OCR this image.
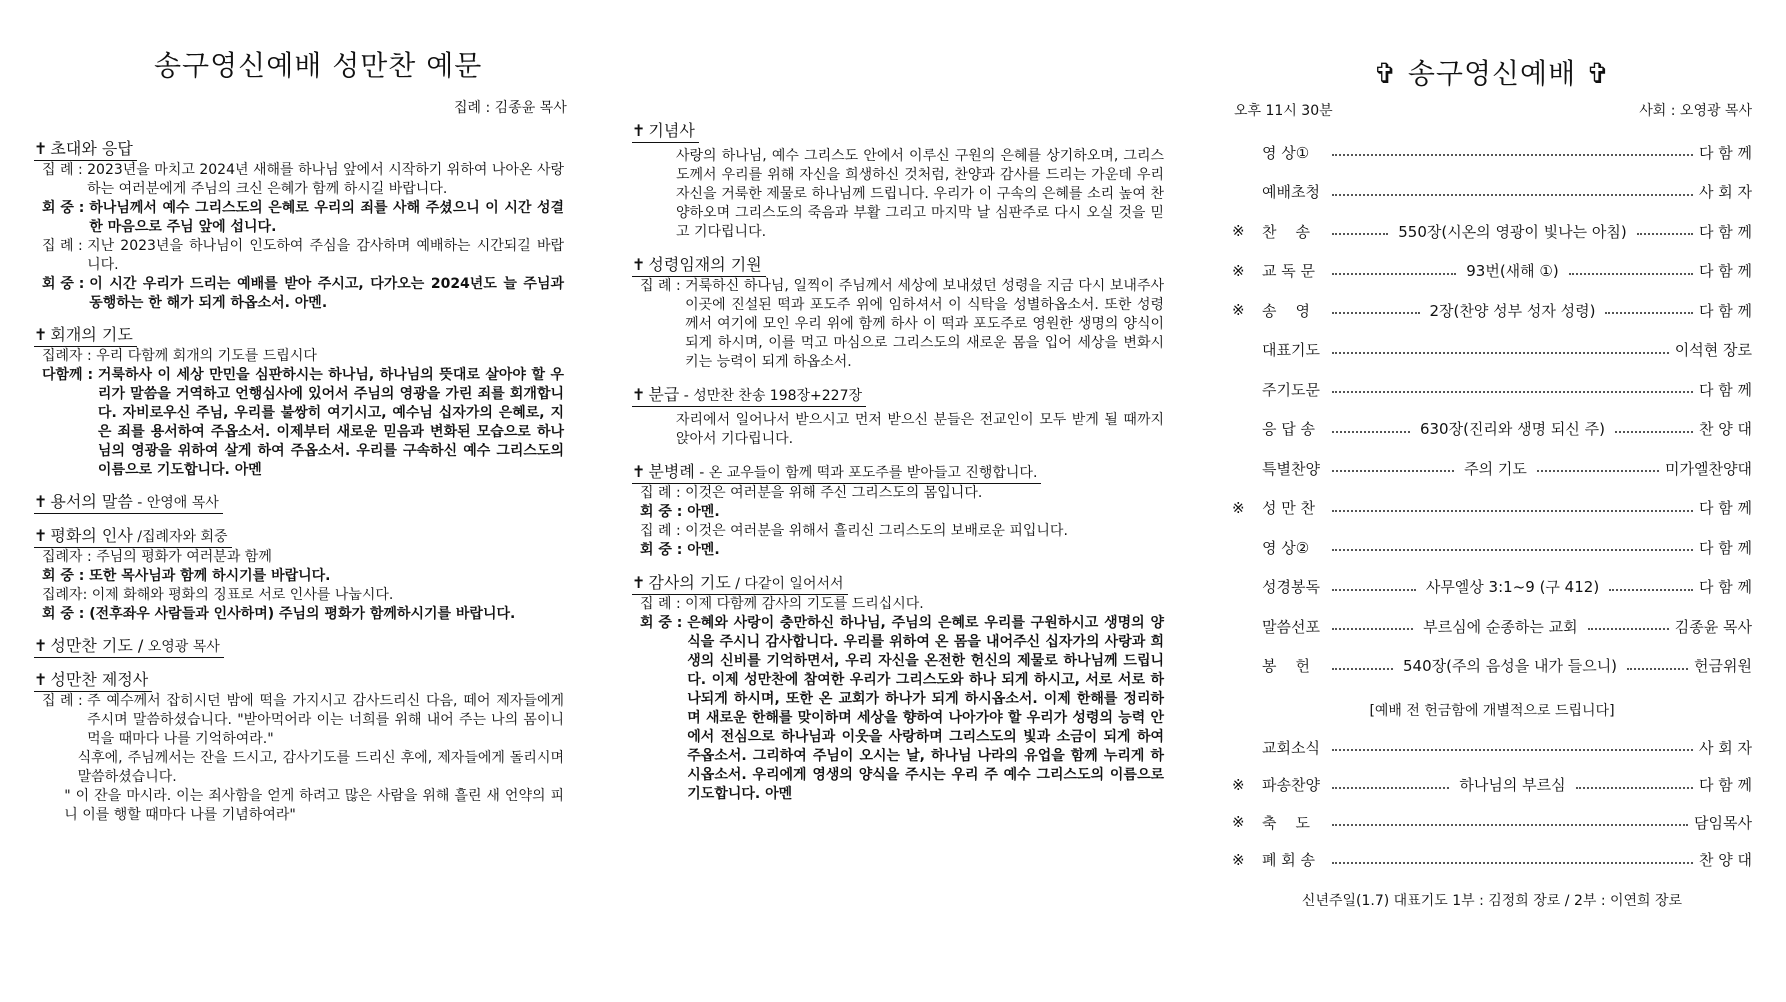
송구영신예배 성만찬 예문
집례 : 김종윤 목사
✝ 초대와 응답
집 례 : 2023년을 마치고 2024년 새해를 하나님 앞에서 시작하기 위하여 나아온 사랑하는 여러분에게 주님의 크신 은혜가 함께 하시길 바랍니다.
회 중 : 하나님께서 예수 그리스도의 은혜로 우리의 죄를 사해 주셨으니 이 시간 성결한 마음으로 주님 앞에 섭니다.
집 례 : 지난 2023년을 하나님이 인도하여 주심을 감사하며 예배하는 시간되길 바랍니다.
회 중 : 이 시간 우리가 드리는 예배를 받아 주시고, 다가오는 2024년도 늘 주님과 동행하는 한 해가 되게 하옵소서. 아멘.
✝ 회개의 기도
집례자 : 우리 다함께 회개의 기도를 드립시다
다함께 : 거룩하사 이 세상 만민을 심판하시는 하나님, 하나님의 뜻대로 살아야 할 우리가 말씀을 거역하고 언행심사에 있어서 주님의 영광을 가린 죄를 회개합니다. 자비로우신 주님, 우리를 불쌍히 여기시고, 예수님 십자가의 은혜로, 지은 죄를 용서하여 주옵소서. 이제부터 새로운 믿음과 변화된 모습으로 하나님의 영광을 위하여 살게 하여 주옵소서. 우리를 구속하신 예수 그리스도의 이름으로 기도합니다. 아멘
✝ 용서의 말씀 - 안영애 목사
✝ 평화의 인사 /집례자와 회중
집례자 : 주님의 평화가 여러분과 함께
회 중 : 또한 목사님과 함께 하시기를 바랍니다.
집례자: 이제 화해와 평화의 징표로 서로 인사를 나눕시다.
회 중 : (전후좌우 사람들과 인사하며) 주님의 평화가 함께하시기를 바랍니다.
✝ 성만찬 기도 / 오영광 목사
✝ 성만찬 제정사
집 례 : 주 예수께서 잡히시던 밤에 떡을 가지시고 감사드리신 다음, 떼어 제자들에게 주시며 말씀하셨습니다. "받아먹어라 이는 너희를 위해 내어 주는 나의 몸이니 먹을 때마다 나를 기억하여라."

식후에, 주님께서는 잔을 드시고, 감사기도를 드리신 후에, 제자들에게 돌리시며 말씀하셨습니다.

" 이 잔을 마시라. 이는 죄사함을 얻게 하려고 많은 사람을 위해 흘린 새 언약의 피니 이를 행할 때마다 나를 기념하여라"
✝ 기념사
사랑의 하나님, 예수 그리스도 안에서 이루신 구원의 은혜를 상기하오며, 그리스도께서 우리를 위해 자신을 희생하신 것처럼, 찬양과 감사를 드리는 가운데 우리 자신을 거룩한 제물로 하나님께 드립니다. 우리가 이 구속의 은혜를 소리 높여 찬양하오며 그리스도의 죽음과 부활 그리고 마지막 날 심판주로 다시 오실 것을 믿고 기다립니다.
✝ 성령임재의 기원
집 례 : 거룩하신 하나님, 일찍이 주님께서 세상에 보내셨던 성령을 지금 다시 보내주사 이곳에 진설된 떡과 포도주 위에 임하셔서 이 식탁을 성별하옵소서. 또한 성령께서 여기에 모인 우리 위에 함께 하사 이 떡과 포도주로 영원한 생명의 양식이 되게 하시며, 이를 먹고 마심으로 그리스도의 새로운 몸을 입어 세상을 변화시키는 능력이 되게 하옵소서.
✝ 분급 - 성만찬 찬송 198장+227장
자리에서 일어나서 받으시고 먼저 받으신 분들은 전교인이 모두 받게 될 때까지 앉아서 기다립니다.
✝ 분병례 - 온 교우들이 함께 떡과 포도주를 받아들고 진행합니다.
집 례 : 이것은 여러분을 위해 주신 그리스도의 몸입니다.
회 중 : 아멘.
집 례 : 이것은 여러분을 위해서 흘리신 그리스도의 보배로운 피입니다.
회 중 : 아멘.
✝ 감사의 기도 / 다같이 일어서서
집 례 : 이제 다함께 감사의 기도를 드리십시다.
회 중 : 은혜와 사랑이 충만하신 하나님, 주님의 은혜로 우리를 구원하시고 생명의 양식을 주시니 감사합니다. 우리를 위하여 온 몸을 내어주신 십자가의 사랑과 희생의 신비를 기억하면서, 우리 자신을 온전한 헌신의 제물로 하나님께 드립니다. 이제 성만찬에 참여한 우리가 그리스도와 하나 되게 하시고, 서로 서로 하나되게 하시며, 또한 온 교회가 하나가 되게 하시옵소서. 이제 한해를 정리하며 새로운 한해를 맞이하며 세상을 향하여 나아가야 할 우리가 성령의 능력 안에서 전심으로 하나님과 이웃을 사랑하며 그리스도의 빛과 소금이 되게 하여 주옵소서. 그리하여 주님이 오시는 날, 하나님 나라의 유업을 함께 누리게 하시옵소서. 우리에게 영생의 양식을 주시는 우리 주 예수 그리스도의 이름으로 기도합니다. 아멘
✞ 송구영신예배 ✞
오후 11시 30분	사회 : 오영광 목사
영 상①	다 함 께
예배초청	사 회 자
※	찬    송	550장(시온의 영광이 빛나는 아침)	다 함 께
※	교 독 문	93번(새해 ①)	다 함 께
※	송    영	2장(찬양 성부 성자 성령)	다 함 께
대표기도	이석현 장로
주기도문	다 함 께
응 답 송	630장(진리와 생명 되신 주)	찬 양 대
특별찬양	주의 기도	미가엘찬양대
※	성 만 찬	다 함 께
영 상②	다 함 께
성경봉독	사무엘상 3:1~9 (구 412)	다 함 께
말씀선포	부르심에 순종하는 교회	김종윤 목사
봉    헌	540장(주의 음성을 내가 들으니)	헌금위원
교회소식	사 회 자
※	파송찬양	하나님의 부르심	다 함 께
※	축    도	담임목사
※	폐 회 송	찬 양 대
[예배 전 헌금함에 개별적으로 드립니다]
신년주일(1.7) 대표기도 1부 : 김정희 장로 / 2부 : 이연희 장로
